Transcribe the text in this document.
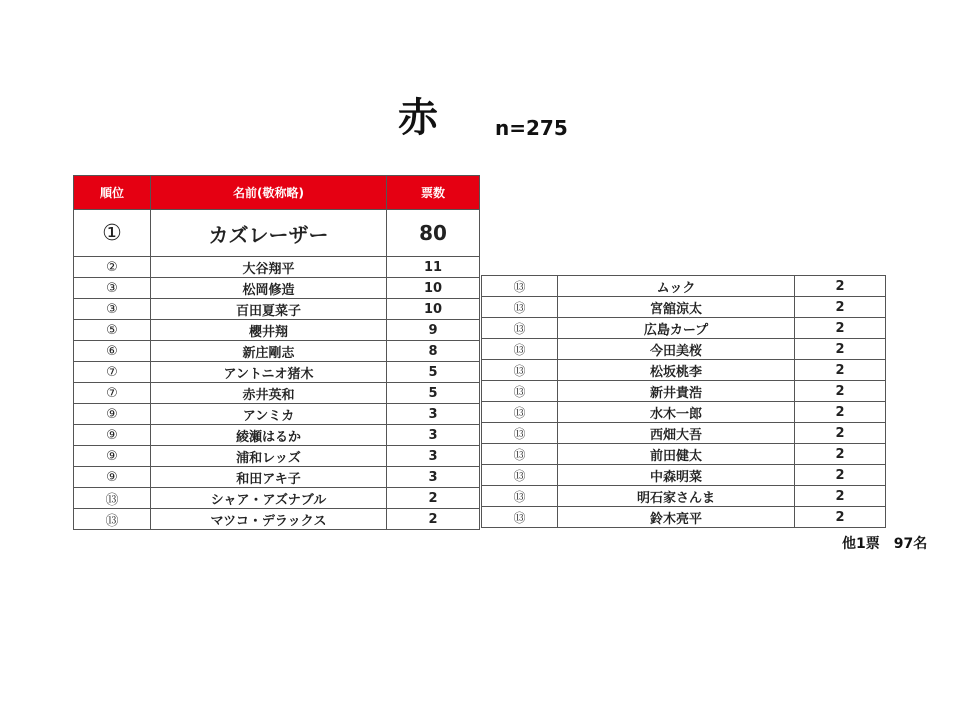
赤	n=275
順位	名前(敬称略)	票数
①	カズレーザー	80
②	大谷翔平	11
③	松岡修造	10
③	百田夏菜子	10
⑤	櫻井翔	9
⑥	新庄剛志	8
⑦	アントニオ猪木	5
⑦	赤井英和	5
⑨	アンミカ	3
⑨	綾瀬はるか	3
⑨	浦和レッズ	3
⑨	和田アキ子	3
⑬	シャア・アズナブル	2
⑬	マツコ・デラックス	2
⑬	ムック	2
⑬	宮舘涼太	2
⑬	広島カープ	2
⑬	今田美桜	2
⑬	松坂桃李	2
⑬	新井貴浩	2
⑬	水木一郎	2
⑬	西畑大吾	2
⑬	前田健太	2
⑬	中森明菜	2
⑬	明石家さんま	2
⑬	鈴木亮平	2
他1票　97名
